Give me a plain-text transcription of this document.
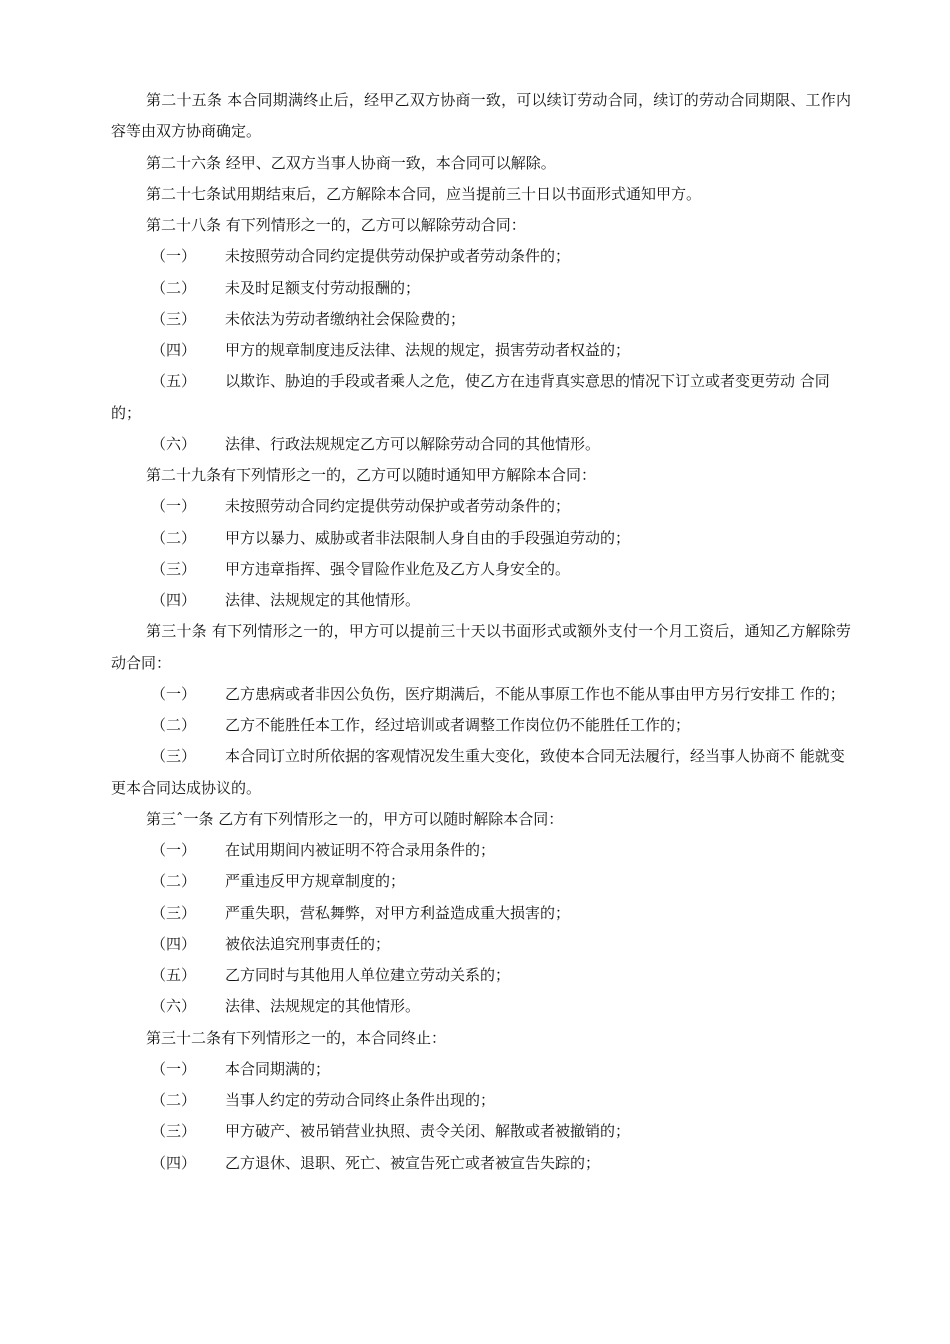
第二十五条 本合同期满终止后，经甲乙双方协商一致，可以续订劳动合同，续订的劳动合同期限、工作内容等由双方协商确定。

第二十六条 经甲、乙双方当事人协商一致，本合同可以解除。

第二十七条试用期结束后，乙方解除本合同，应当提前三十日以书面形式通知甲方。

第二十八条 有下列情形之一的，乙方可以解除劳动合同：

（一）	未按照劳动合同约定提供劳动保护或者劳动条件的；
（二）	未及时足额支付劳动报酬的；
（三）	未依法为劳动者缴纳社会保险费的；
（四）	甲方的规章制度违反法律、法规的规定，损害劳动者权益的；
（五） 以欺诈、胁迫的手段或者乘人之危，使乙方在违背真实意思的情况下订立或者变更劳动 合同的；
（六）	法律、行政法规规定乙方可以解除劳动合同的其他情形。

第二十九条有下列情形之一的，乙方可以随时通知甲方解除本合同：

（一）	未按照劳动合同约定提供劳动保护或者劳动条件的；
（二）	甲方以暴力、威胁或者非法限制人身自由的手段强迫劳动的；
（三）	甲方违章指挥、强令冒险作业危及乙方人身安全的。
（四）	法律、法规规定的其他情形。

第三十条 有下列情形之一的，甲方可以提前三十天以书面形式或额外支付一个月工资后，通知乙方解除劳动合同：

（一） 乙方患病或者非因公负伤，医疗期满后，不能从事原工作也不能从事由甲方另行安排工 作的；
（二）	乙方不能胜任本工作，经过培训或者调整工作岗位仍不能胜任工作的；
（三） 本合同订立时所依据的客观情况发生重大变化，致使本合同无法履行，经当事人协商不 能就变更本合同达成协议的。

第三ˆ一条 乙方有下列情形之一的，甲方可以随时解除本合同：

（一）	在试用期间内被证明不符合录用条件的；
（二）	严重违反甲方规章制度的；
（三）	严重失职，营私舞弊，对甲方利益造成重大损害的；
（四）	被依法追究刑事责任的；
（五）	乙方同时与其他用人单位建立劳动关系的；
（六）	法律、法规规定的其他情形。

第三十二条有下列情形之一的，本合同终止：

（一）	本合同期满的；
（二）	当事人约定的劳动合同终止条件出现的；
（三）	甲方破产、被吊销营业执照、责令关闭、解散或者被撤销的；
（四）	乙方退休、退职、死亡、被宣告死亡或者被宣告失踪的；
